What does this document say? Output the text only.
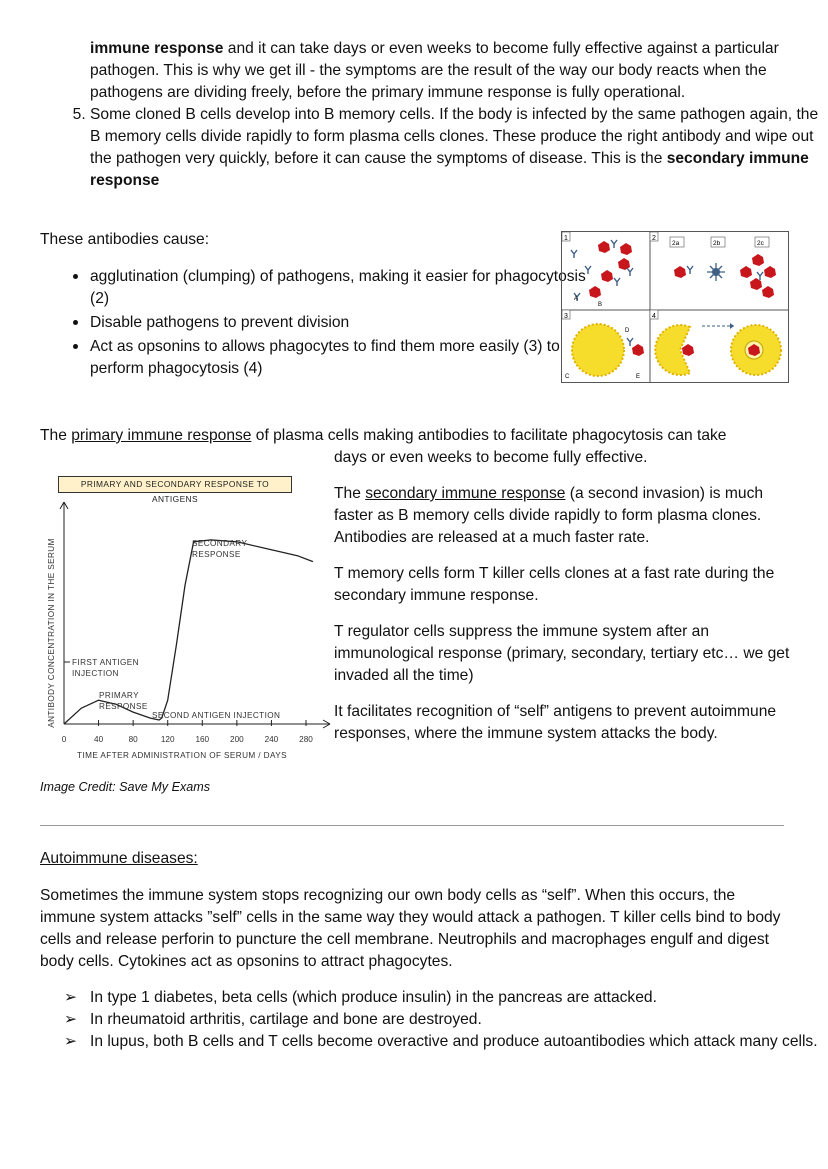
immune response and it can take days or even weeks to become fully effective against a particular pathogen. This is why we get ill - the symptoms are the result of the way our body reacts when the pathogens are dividing freely, before the primary immune response is fully operational.
5. Some cloned B cells develop into B memory cells. If the body is infected by the same pathogen again, the B memory cells divide rapidly to form plasma cells clones. These produce the right antibody and wipe out the pathogen very quickly, before it can cause the symptoms of disease. This is the secondary immune response
These antibodies cause:
• agglutination (clumping) of pathogens, making it easier for phagocytosis (2)
• Disable pathogens to prevent division
• Act as opsonins to allows phagocytes to find them more easily (3) to perform phagocytosis (4)
1	2
3	4
2a	2b	2c
A
B
D
E
C
The primary immune response of plasma cells making antibodies to facilitate phagocytosis can take
days or even weeks to become fully effective.
PRIMARY AND SECONDARY RESPONSE TO ANTIGENS
0	40	80	120	160	200	240	280
TIME AFTER ADMINISTRATION OF SERUM / DAYS
ANTIBODY CONCENTRATION IN THE SERUM	SECONDARY
RESPONSE
FIRST ANTIGEN
INJECTION
PRIMARY
RESPONSE
SECOND ANTIGEN INJECTION
Image Credit: Save My Exams
The secondary immune response (a second invasion) is much faster as B memory cells divide rapidly to form plasma clones. Antibodies are released at a much faster rate.
T memory cells form T killer cells clones at a fast rate during the secondary immune response.
T regulator cells suppress the immune system after an immunological response (primary, secondary, tertiary etc… we get invaded all the time)
It facilitates recognition of “self” antigens to prevent autoimmune responses, where the immune system attacks the body.
Autoimmune diseases:
Sometimes the immune system stops recognizing our own body cells as “self”. When this occurs, the immune system attacks ”self” cells in the same way they would attack a pathogen. T killer cells bind to body cells and release perforin to puncture the cell membrane. Neutrophils and macrophages engulf and digest body cells. Cytokines act as opsonins to attract phagocytes.
➢ In type 1 diabetes, beta cells (which produce insulin) in the pancreas are attacked.
➢ In rheumatoid arthritis, cartilage and bone are destroyed.
➢ In lupus, both B cells and T cells become overactive and produce autoantibodies which attack many cells.
